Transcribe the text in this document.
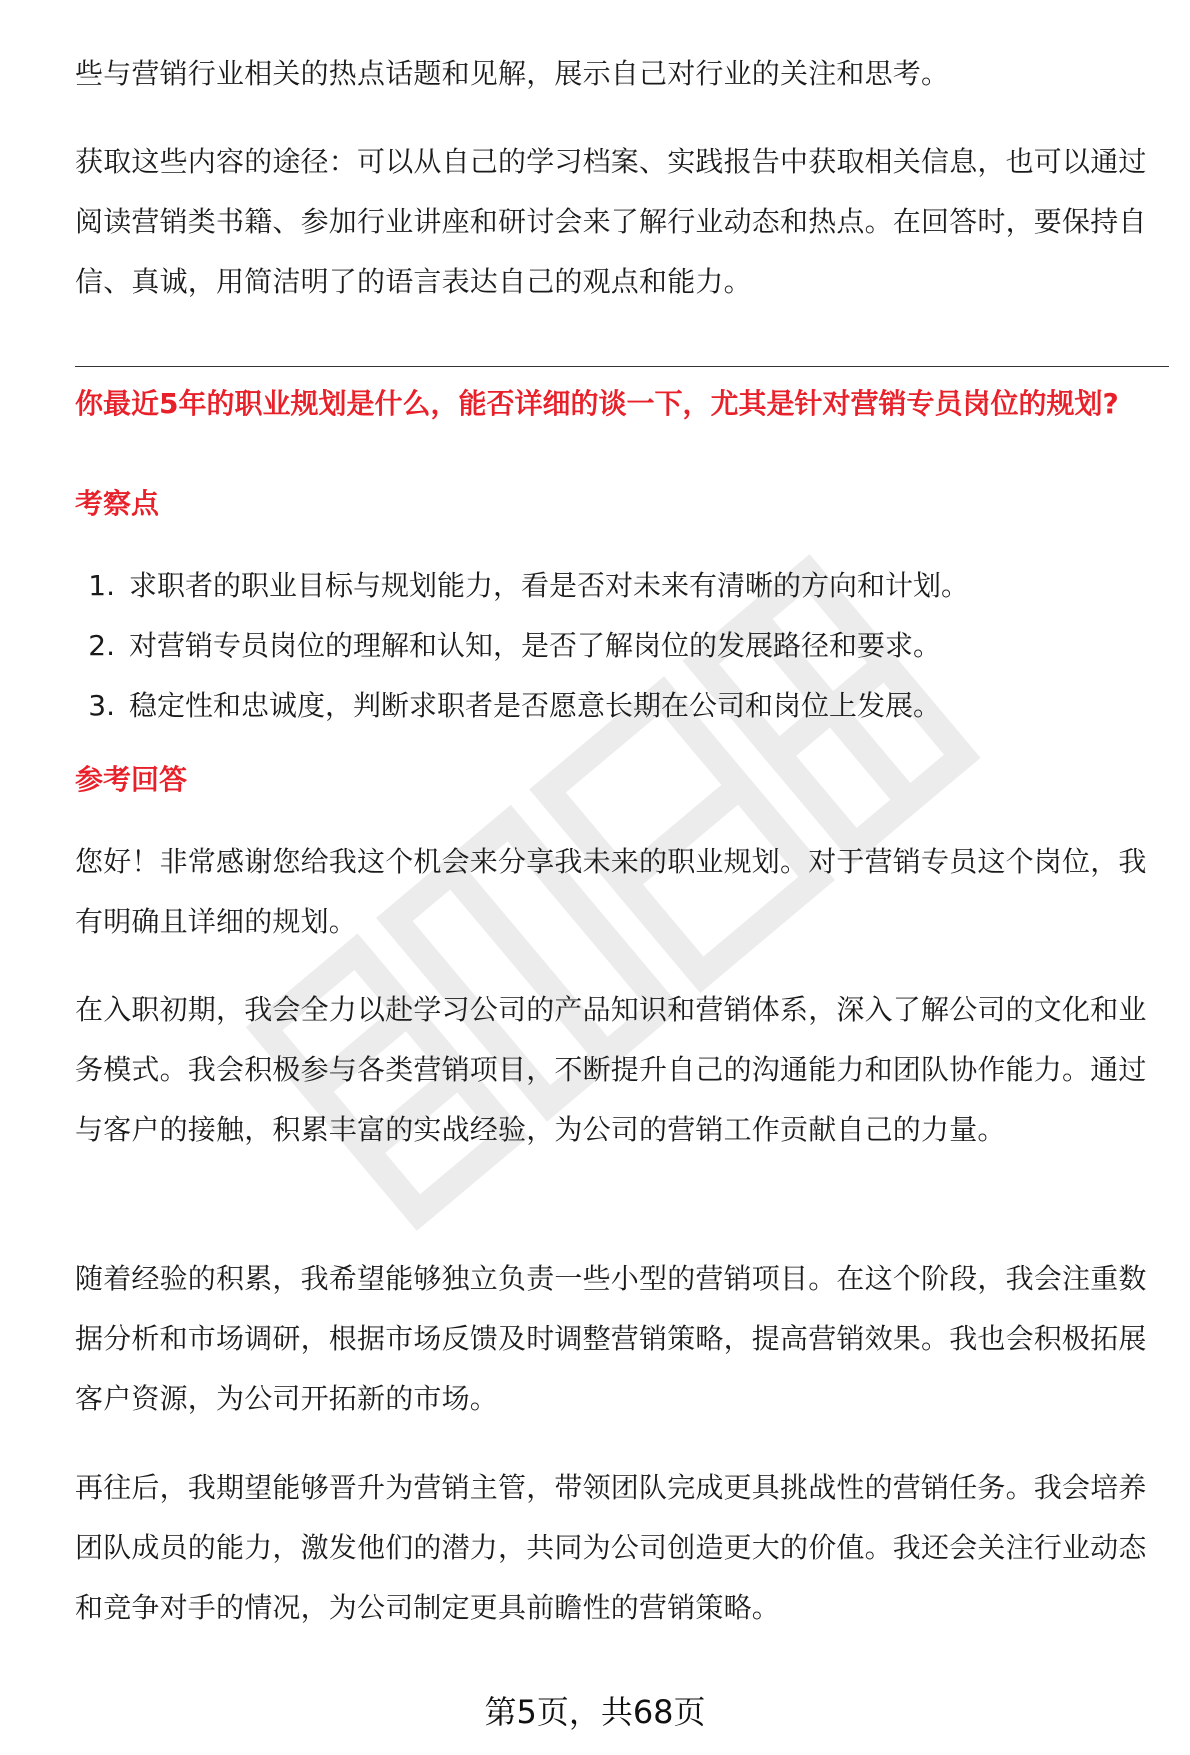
些与营销行业相关的热点话题和见解，展示自己对行业的关注和思考。

获取这些内容的途径：可以从自己的学习档案、实践报告中获取相关信息，也可以通过阅读营销类书籍、参加行业讲座和研讨会来了解行业动态和热点。在回答时，要保持自信、真诚，用简洁明了的语言表达自己的观点和能力。

你最近5年的职业规划是什么，能否详细的谈一下，尤其是针对营销专员岗位的规划?

考察点

1. 求职者的职业目标与规划能力，看是否对未来有清晰的方向和计划。
2. 对营销专员岗位的理解和认知，是否了解岗位的发展路径和要求。
3. 稳定性和忠诚度，判断求职者是否愿意长期在公司和岗位上发展。

参考回答

您好！非常感谢您给我这个机会来分享我未来的职业规划。对于营销专员这个岗位，我有明确且详细的规划。

在入职初期，我会全力以赴学习公司的产品知识和营销体系，深入了解公司的文化和业务模式。我会积极参与各类营销项目，不断提升自己的沟通能力和团队协作能力。通过与客户的接触，积累丰富的实战经验，为公司的营销工作贡献自己的力量。

随着经验的积累，我希望能够独立负责一些小型的营销项目。在这个阶段，我会注重数据分析和市场调研，根据市场反馈及时调整营销策略，提高营销效果。我也会积极拓展客户资源，为公司开拓新的市场。

再往后，我期望能够晋升为营销主管，带领团队完成更具挑战性的营销任务。我会培养团队成员的能力，激发他们的潜力，共同为公司创造更大的价值。我还会关注行业动态和竞争对手的情况，为公司制定更具前瞻性的营销策略。

第5页，共68页
